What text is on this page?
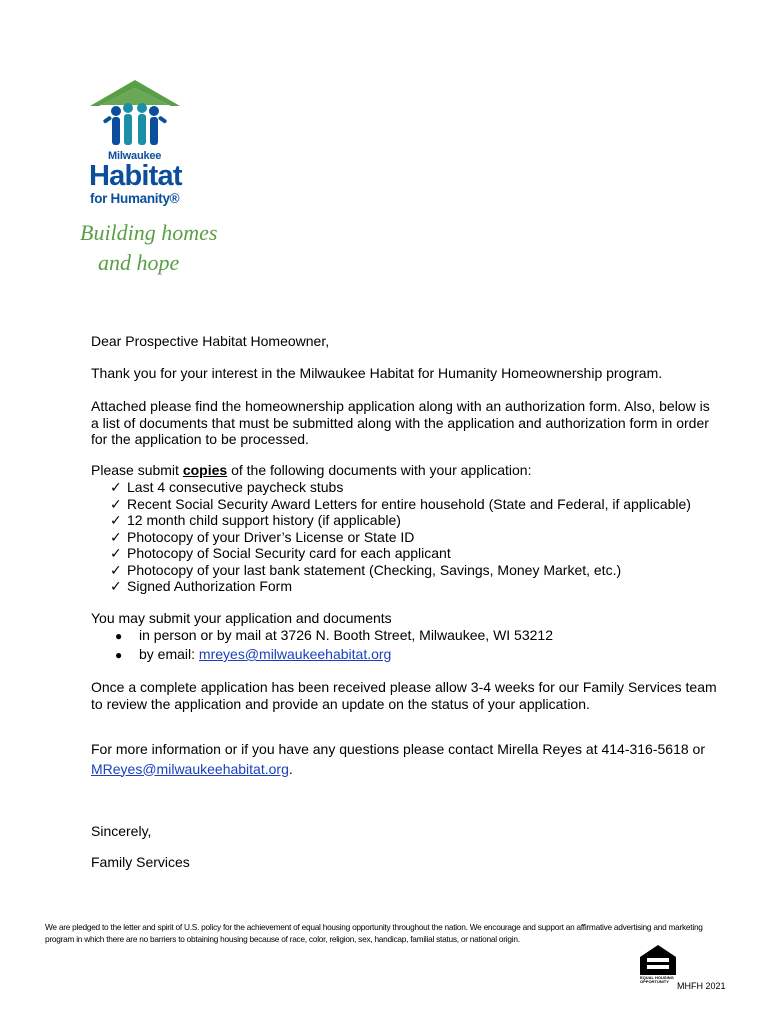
Milwaukee
Habitat
for Humanity®
Building homes
and hope

Dear Prospective Habitat Homeowner,

Thank you for your interest in the Milwaukee Habitat for Humanity Homeownership program.

Attached please find the homeownership application along with an authorization form. Also, below is a list of documents that must be submitted along with the application and authorization form in order for the application to be processed.

Please submit copies of the following documents with your application:

✓ Last 4 consecutive paycheck stubs
✓ Recent Social Security Award Letters for entire household (State and Federal, if applicable)
✓ 12 month child support history (if applicable)
✓ Photocopy of your Driver’s License or State ID
✓ Photocopy of Social Security card for each applicant
✓ Photocopy of your last bank statement (Checking, Savings, Money Market, etc.)
✓ Signed Authorization Form

You may submit your application and documents

● in person or by mail at 3726 N. Booth Street, Milwaukee, WI 53212
● by email: mreyes@milwaukeehabitat.org

Once a complete application has been received please allow 3-4 weeks for our Family Services team to review the application and provide an update on the status of your application.

For more information or if you have any questions please contact Mirella Reyes at 414-316-5618 or
MReyes@milwaukeehabitat.org.

Sincerely,

Family Services

We are pledged to the letter and spirit of U.S. policy for the achievement of equal housing opportunity throughout the nation. We encourage and support an affirmative advertising and marketing program in which there are no barriers to obtaining housing because of race, color, religion, sex, handicap, familial status, or national origin.
EQUAL HOUSING OPPORTUNITY MHFH 2021
